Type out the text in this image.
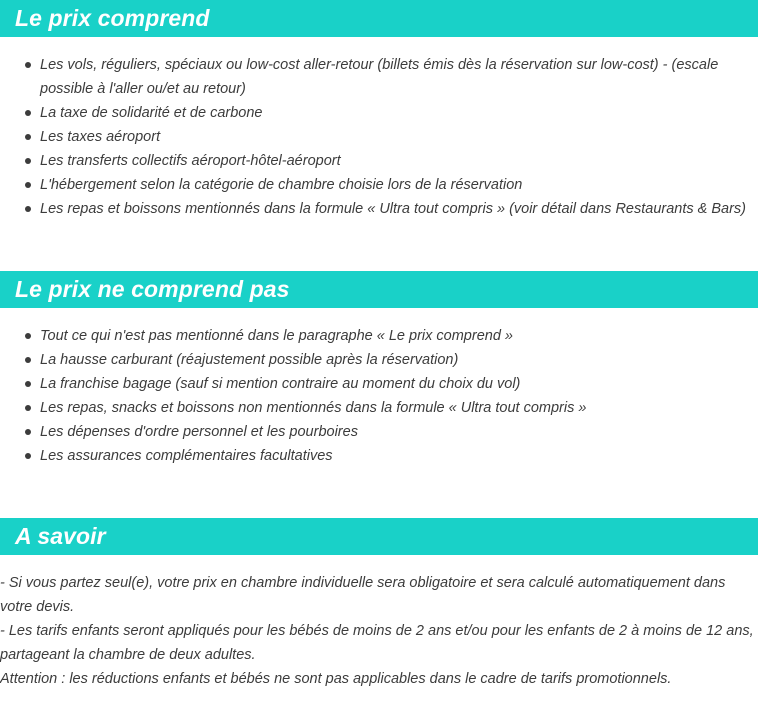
Le prix comprend
Les vols, réguliers, spéciaux ou low-cost aller-retour (billets émis dès la réservation sur low-cost) - (escale possible à l'aller ou/et au retour)
La taxe de solidarité et de carbone
Les taxes aéroport
Les transferts collectifs aéroport-hôtel-aéroport
L'hébergement selon la catégorie de chambre choisie lors de la réservation
Les repas et boissons mentionnés dans la formule « Ultra tout compris » (voir détail dans Restaurants & Bars)
Le prix ne comprend pas
Tout ce qui n'est pas mentionné dans le paragraphe « Le prix comprend »
La hausse carburant (réajustement possible après la réservation)
La franchise bagage (sauf si mention contraire au moment du choix du vol)
Les repas, snacks et boissons non mentionnés dans la formule « Ultra tout compris »
Les dépenses d'ordre personnel et les pourboires
Les assurances complémentaires facultatives
A savoir

- Si vous partez seul(e), votre prix en chambre individuelle sera obligatoire et sera calculé automatiquement dans votre devis.

- Les tarifs enfants seront appliqués pour les bébés de moins de 2 ans et/ou pour les enfants de 2 à moins de 12 ans, partageant la chambre de deux adultes.

Attention : les réductions enfants et bébés ne sont pas applicables dans le cadre de tarifs promotionnels.
